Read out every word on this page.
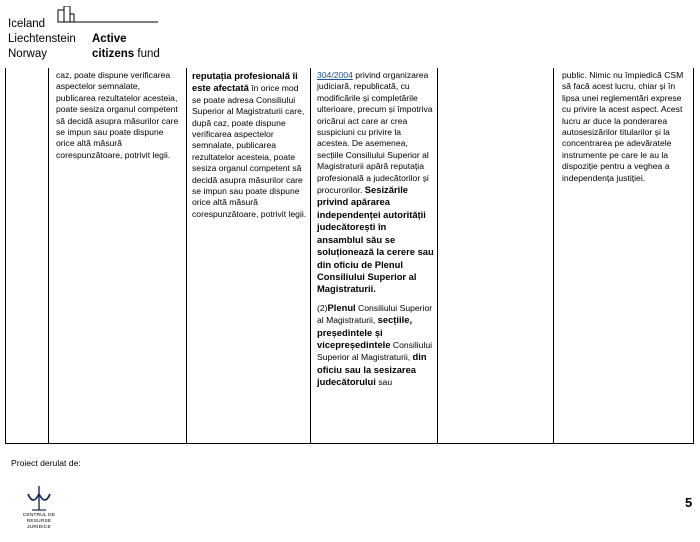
Iceland
Liechtenstein
Norway
Active
citizens fund
caz, poate dispune verificarea aspectelor semnalate, publicarea rezultatelor acesteia, poate sesiza organul competent să decidă asupra măsurilor care se impun sau poate dispune orice altă măsură corespunzătoare, potrivit legii.
reputația profesională îi este afectată în orice mod se poate adresa Consiliului Superior al Magistraturii care, după caz, poate dispune verificarea aspectelor semnalate, publicarea rezultatelor acesteia, poate sesiza organul competent să decidă asupra măsurilor care se impun sau poate dispune orice altă măsură corespunzătoare, potrivit legii.

304/2004 privind organizarea judiciară, republicată, cu modificările și completările ulterioare, precum și împotriva oricărui act care ar crea suspiciuni cu privire la acestea. De asemenea, secțiile Consiliului Superior al Magistraturii apără reputația profesională a judecătorilor și procurorilor. Sesizările privind apărarea independenței autorității judecătorești în ansamblul său se soluționează la cerere sau din oficiu de Plenul Consiliului Superior al Magistraturii.

(2)Plenul Consiliului Superior al Magistraturii, secțiile, președintele și vicepreședintele Consiliului Superior al Magistraturii, din oficiu sau la sesizarea judecătorului sau

public. Nimic nu împiedică CSM să facă acest lucru, chiar și în lipsa unei reglementări exprese cu privire la acest aspect. Acest lucru ar duce la ponderarea autosesizărilor titularilor și la concentrarea pe adevăratele instrumente pe care le au la dispoziție pentru a veghea a independența justiției.
Proiect derulat de:
CENTRUL DE RESURSE
JURIDICE
5
